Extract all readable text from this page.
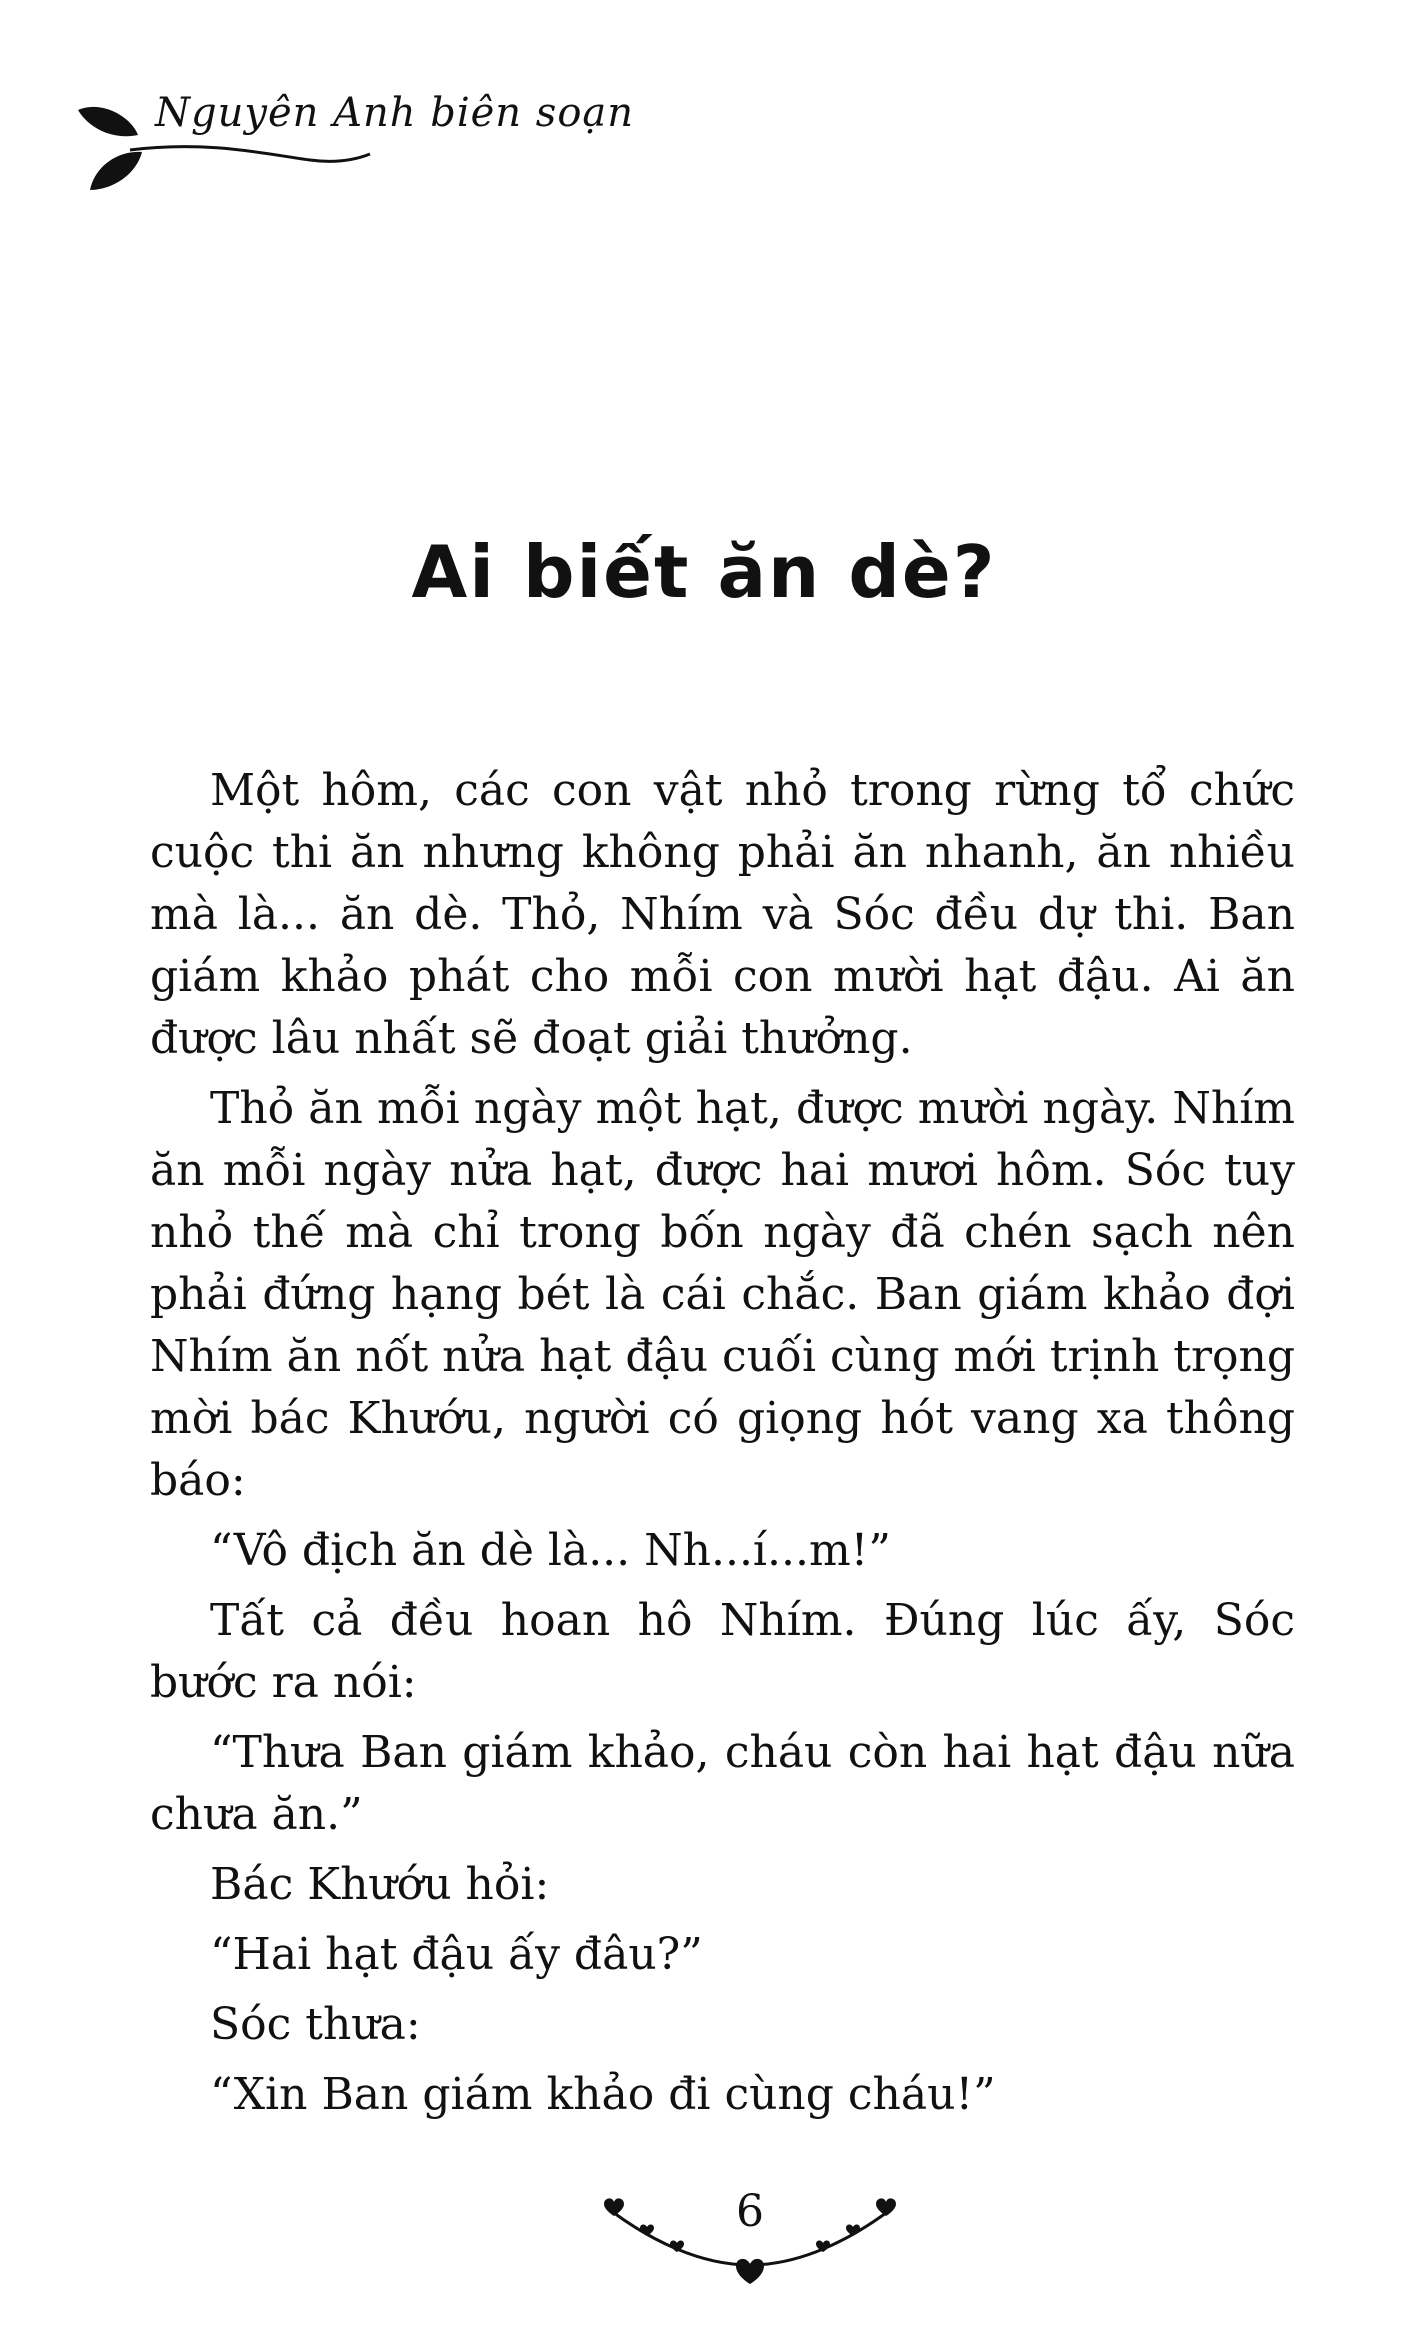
Nguyên Anh biên soạn
Ai biết ăn dè?

Một hôm, các con vật nhỏ trong rừng tổ chức cuộc thi ăn nhưng không phải ăn nhanh, ăn nhiều mà là... ăn dè. Thỏ, Nhím và Sóc đều dự thi. Ban giám khảo phát cho mỗi con mười hạt đậu. Ai ăn được lâu nhất sẽ đoạt giải thưởng.

Thỏ ăn mỗi ngày một hạt, được mười ngày. Nhím ăn mỗi ngày nửa hạt, được hai mươi hôm. Sóc tuy nhỏ thế mà chỉ trong bốn ngày đã chén sạch nên phải đứng hạng bét là cái chắc. Ban giám khảo đợi Nhím ăn nốt nửa hạt đậu cuối cùng mới trịnh trọng mời bác Khướu, người có giọng hót vang xa thông báo:

“Vô địch ăn dè là... Nh...í...m!”

Tất cả đều hoan hô Nhím. Đúng lúc ấy, Sóc bước ra nói:

“Thưa Ban giám khảo, cháu còn hai hạt đậu nữa chưa ăn.”

Bác Khướu hỏi:

“Hai hạt đậu ấy đâu?”

Sóc thưa:

“Xin Ban giám khảo đi cùng cháu!”

6
